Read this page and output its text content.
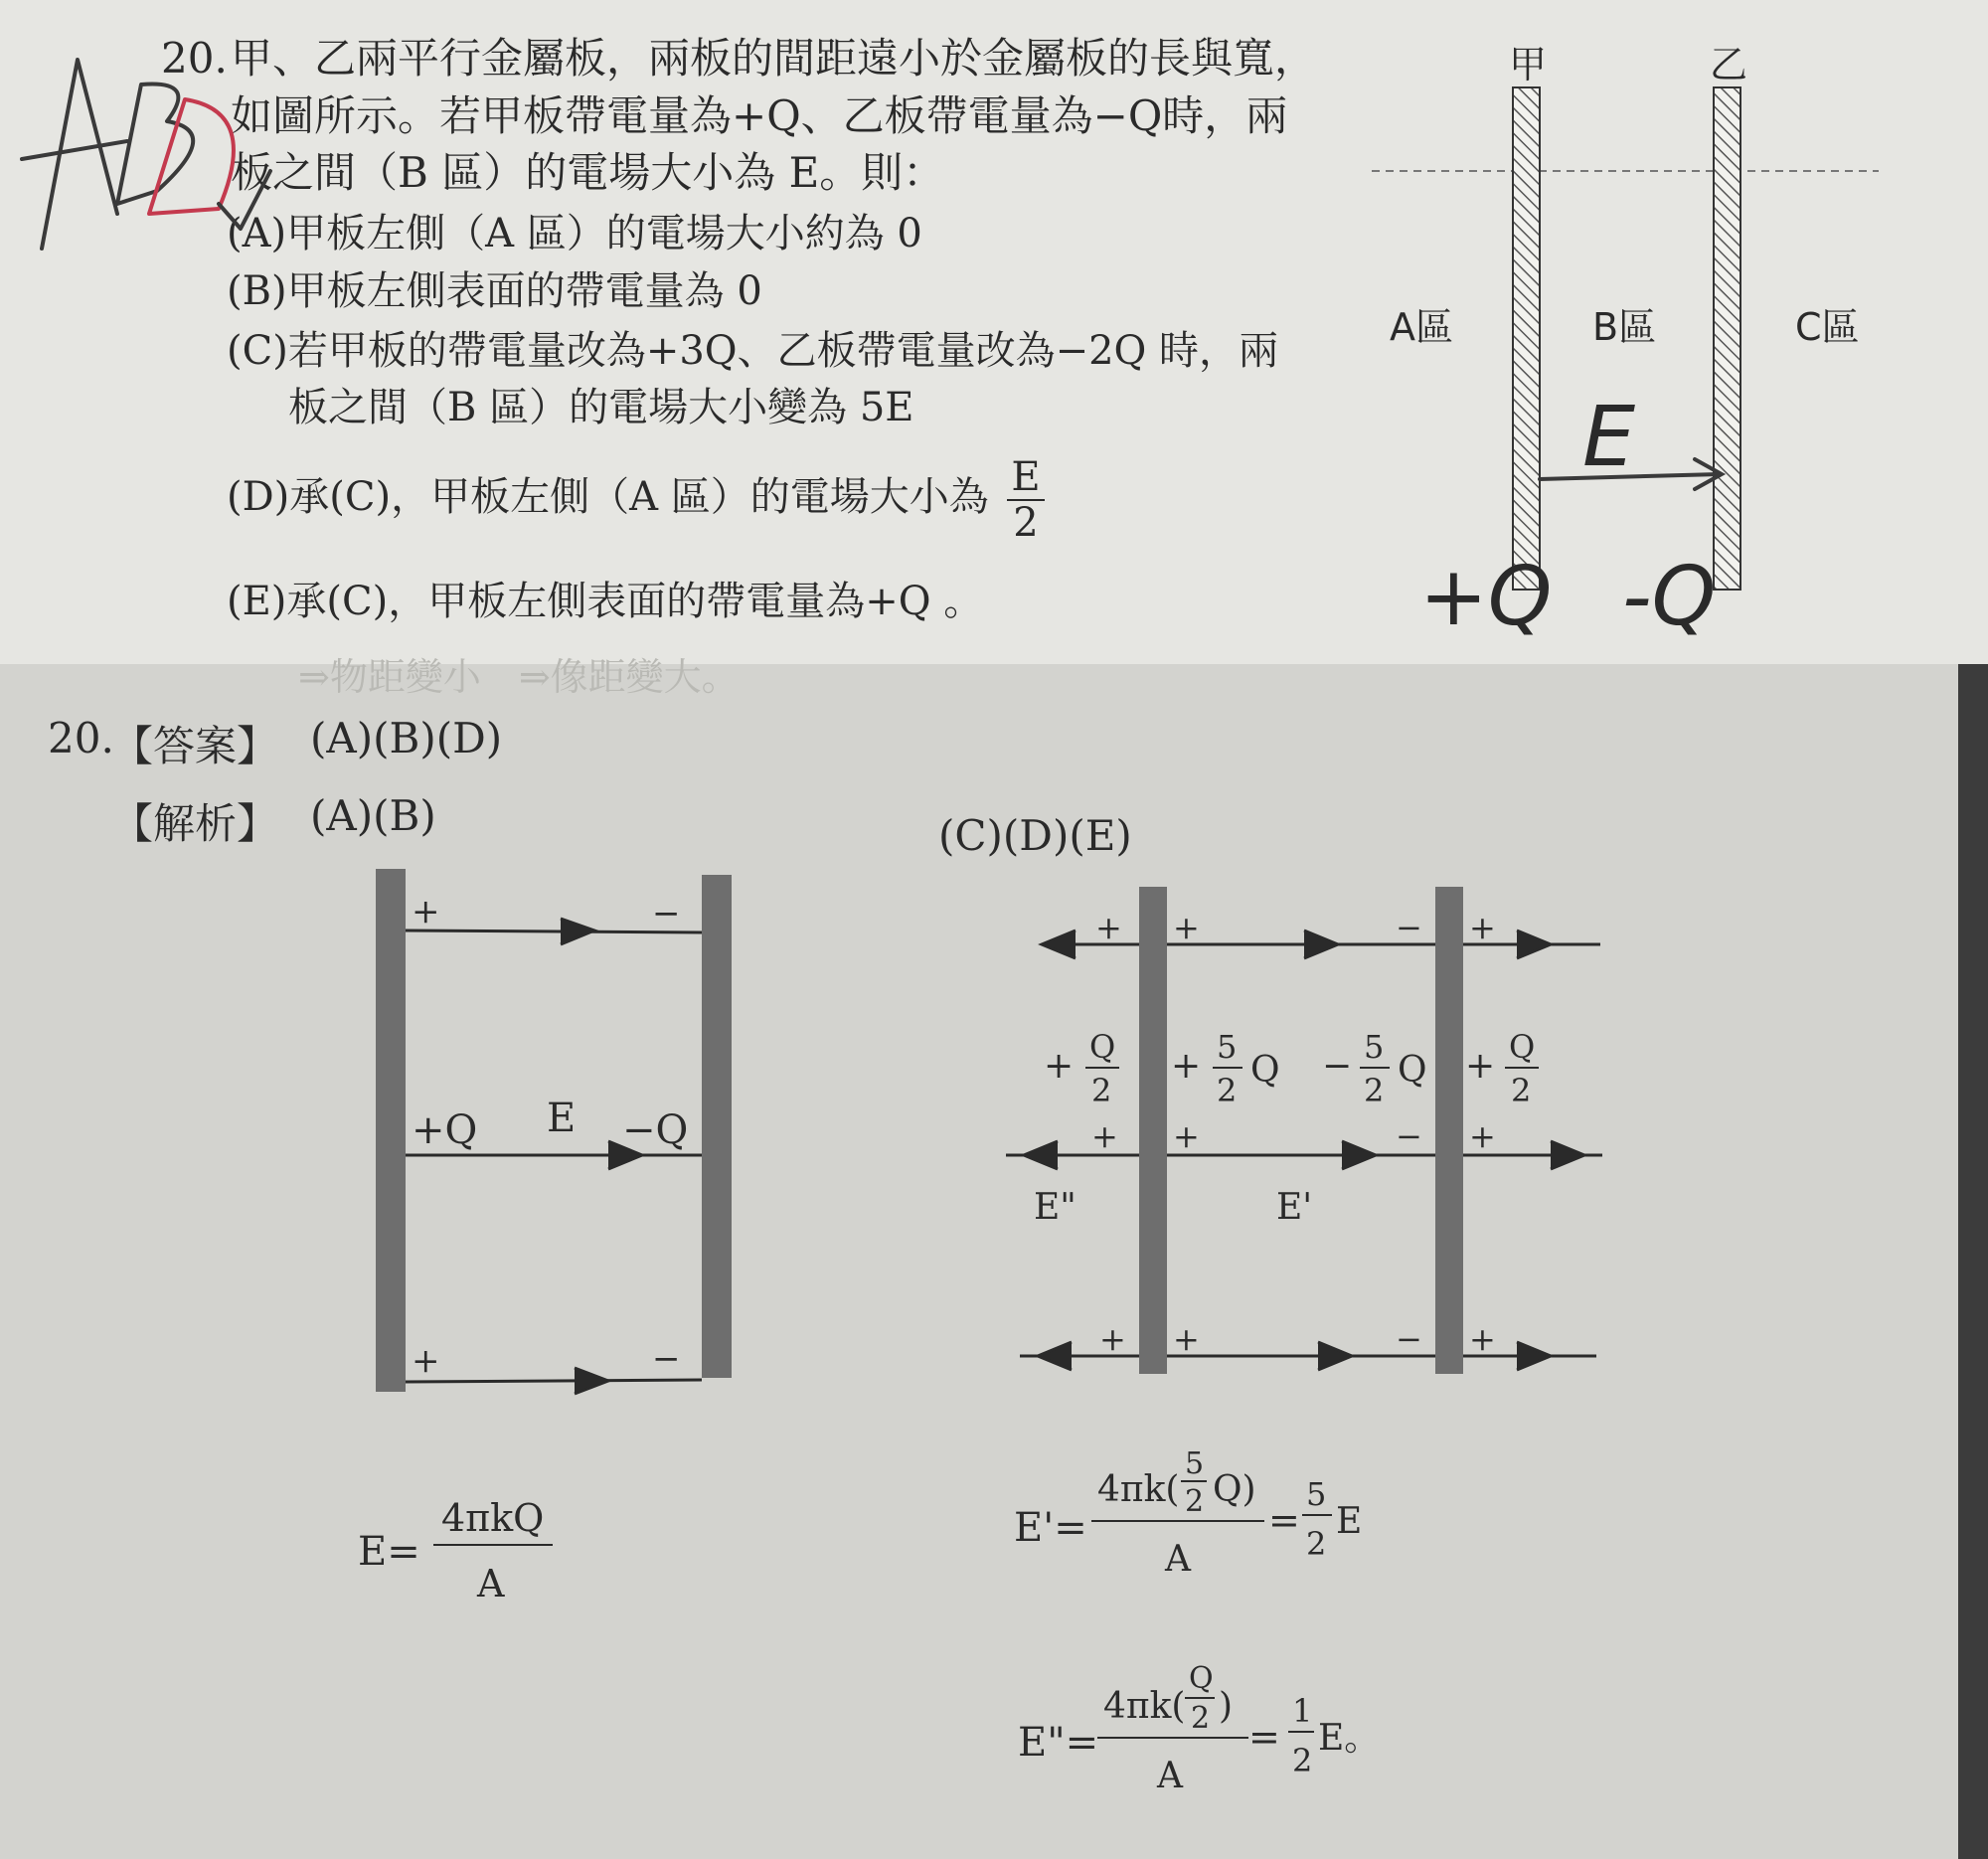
20. 甲、乙兩平行金屬板，兩板的間距遠小於金屬板的長與寬，
如圖所示。若甲板帶電量為+Q、乙板帶電量為−Q時，兩
板之間（B 區）的電場大小為 E。則：
(A)甲板左側（A 區）的電場大小約為 0
(B)甲板左側表面的帶電量為 0
(C)若甲板的帶電量改為+3Q、乙板帶電量改為−2Q 時，兩
板之間（B 區）的電場大小變為 5E
(D)承(C)，甲板左側（A 區）的電場大小為 $\frac{E}{2}$
(E)承(C)，甲板左側表面的帶電量為+Q 。
甲	乙
A區	B區	C區
E
+Q -Q
⇒物距變小　⇒像距變大。
20.
【答案】 (A)(B)(D)
【解析】 (A)(B)	(C)(D)(E)
+	−
+Q E −Q
+	−
+ +	− +
+ +	− +
+ +	− +
+ Q
2
+ 5
2 Q − 5
2 Q + Q
2
E"	E'
E=
4πkQ
A
E'=
4πk(
5
2 Q)
A
=
5
2
E
E"=
4πk(
Q
2 )
A
=
1
2
E。
